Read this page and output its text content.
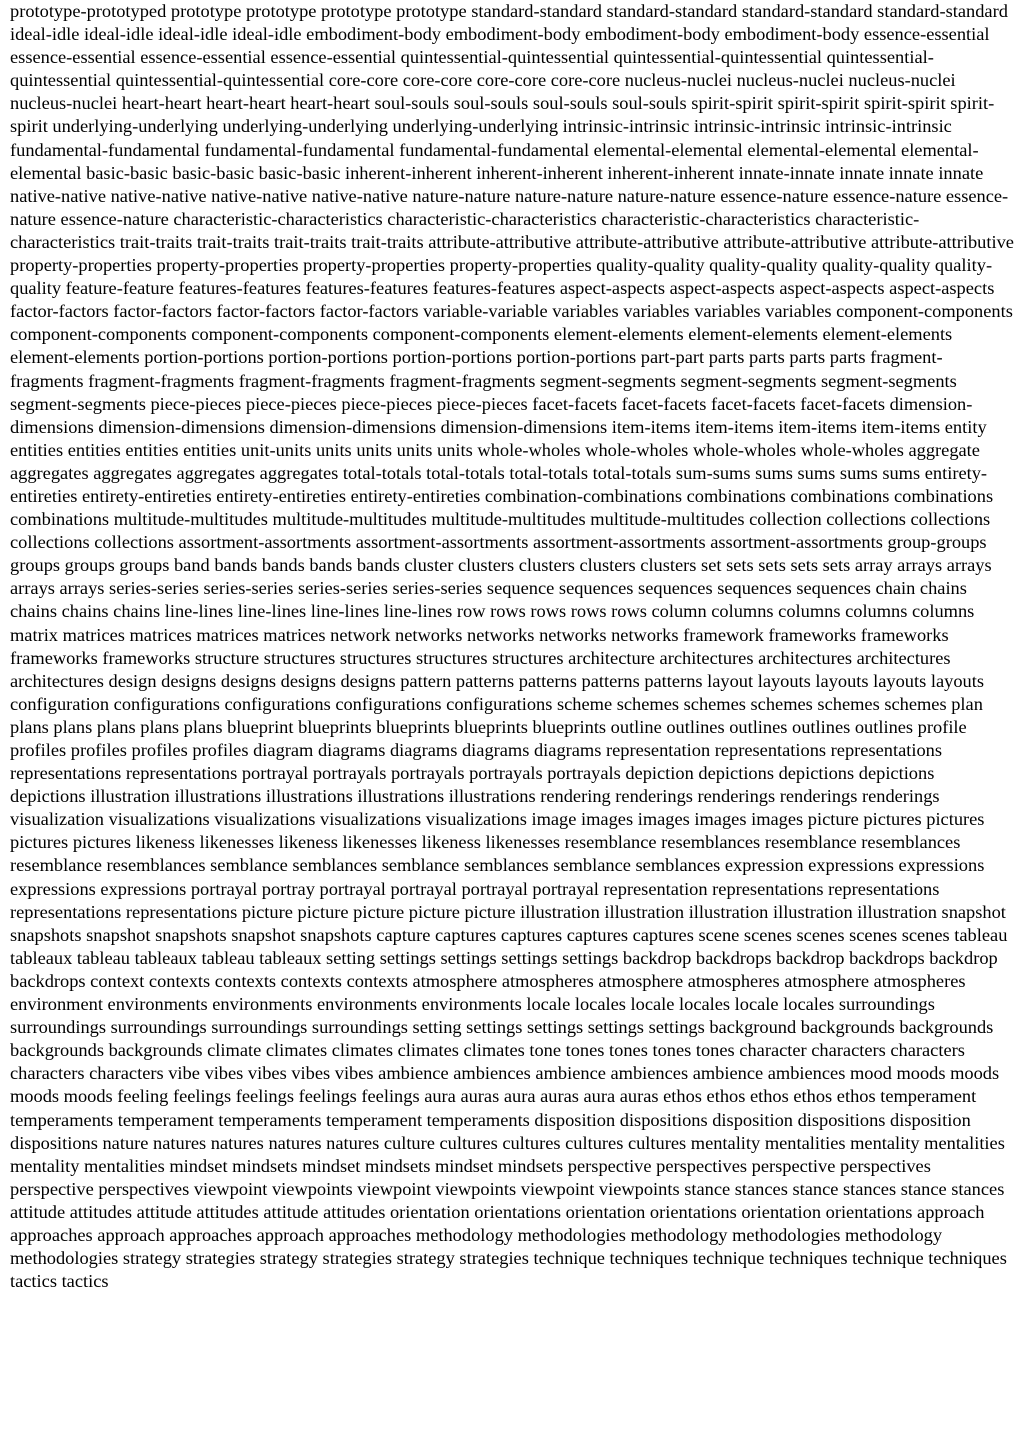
prototype-prototyped prototype prototype prototype prototype standard-standard standard-standard standard-standard standard-standard ideal-idle ideal-idle ideal-idle ideal-idle embodiment-body embodiment-body embodiment-body embodiment-body essence-essential essence-essential essence-essential essence-essential quintessential-quintessential quintessential-quintessential quintessential-quintessential quintessential-quintessential core-core core-core core-core core-core nucleus-nuclei nucleus-nuclei nucleus-nuclei nucleus-nuclei heart-heart heart-heart heart-heart soul-souls soul-souls soul-souls soul-souls spirit-spirit spirit-spirit spirit-spirit spirit-spirit underlying-underlying underlying-underlying underlying-underlying intrinsic-intrinsic intrinsic-intrinsic intrinsic-intrinsic fundamental-fundamental fundamental-fundamental fundamental-fundamental elemental-elemental elemental-elemental elemental-elemental basic-basic basic-basic basic-basic inherent-inherent inherent-inherent inherent-inherent innate-innate innate innate innate native-native native-native native-native native-native nature-nature nature-nature nature-nature essence-nature essence-nature essence-nature essence-nature characteristic-characteristics characteristic-characteristics characteristic-characteristics characteristic-characteristics trait-traits trait-traits trait-traits trait-traits attribute-attributive attribute-attributive attribute-attributive attribute-attributive property-properties property-properties property-properties property-properties quality-quality quality-quality quality-quality quality-quality feature-feature features-features features-features features-features aspect-aspects aspect-aspects aspect-aspects aspect-aspects factor-factors factor-factors factor-factors factor-factors variable-variable variables variables variables variables component-components component-components component-components component-components element-elements element-elements element-elements element-elements portion-portions portion-portions portion-portions portion-portions part-part parts parts parts parts fragment-fragments fragment-fragments fragment-fragments fragment-fragments segment-segments segment-segments segment-segments segment-segments piece-pieces piece-pieces piece-pieces piece-pieces facet-facets facet-facets facet-facets facet-facets dimension-dimensions dimension-dimensions dimension-dimensions dimension-dimensions item-items item-items item-items item-items entity entities entities entities entities unit-units units units units units whole-wholes whole-wholes whole-wholes whole-wholes aggregate aggregates aggregates aggregates aggregates total-totals total-totals total-totals total-totals sum-sums sums sums sums sums entirety-entireties entirety-entireties entirety-entireties entirety-entireties combination-combinations combinations combinations combinations combinations multitude-multitudes multitude-multitudes multitude-multitudes multitude-multitudes collection collections collections collections collections assortment-assortments assortment-assortments assortment-assortments assortment-assortments group-groups groups groups groups band bands bands bands bands cluster clusters clusters clusters clusters set sets sets sets sets array arrays arrays arrays arrays series-series series-series series-series series-series sequence sequences sequences sequences sequences chain chains chains chains chains line-lines line-lines line-lines line-lines row rows rows rows rows column columns columns columns columns matrix matrices matrices matrices matrices network networks networks networks networks framework frameworks frameworks frameworks frameworks structure structures structures structures structures architecture architectures architectures architectures architectures design designs designs designs designs pattern patterns patterns patterns patterns layout layouts layouts layouts layouts configuration configurations configurations configurations configurations scheme schemes schemes schemes schemes schemes plan plans plans plans plans plans blueprint blueprints blueprints blueprints blueprints outline outlines outlines outlines outlines profile profiles profiles profiles profiles diagram diagrams diagrams diagrams diagrams representation representations representations representations representations portrayal portrayals portrayals portrayals portrayals depiction depictions depictions depictions depictions illustration illustrations illustrations illustrations illustrations rendering renderings renderings renderings renderings visualization visualizations visualizations visualizations visualizations image images images images images picture pictures pictures pictures pictures likeness likenesses likeness likenesses likeness likenesses resemblance resemblances resemblance resemblances resemblance resemblances semblance semblances semblance semblances semblance semblances expression expressions expressions expressions expressions portrayal portray portrayal portrayal portrayal portrayal representation representations representations representations representations picture picture picture picture picture illustration illustration illustration illustration illustration snapshot snapshots snapshot snapshots snapshot snapshots capture captures captures captures captures scene scenes scenes scenes scenes tableau tableaux tableau tableaux tableau tableaux setting settings settings settings settings backdrop backdrops backdrop backdrops backdrop backdrops context contexts contexts contexts contexts atmosphere atmospheres atmosphere atmospheres atmosphere atmospheres environment environments environments environments environments locale locales locale locales locale locales surroundings surroundings surroundings surroundings surroundings setting settings settings settings settings background backgrounds backgrounds backgrounds backgrounds climate climates climates climates climates tone tones tones tones tones character characters characters characters characters vibe vibes vibes vibes vibes ambience ambiences ambience ambiences ambience ambiences mood moods moods moods moods feeling feelings feelings feelings feelings aura auras aura auras aura auras ethos ethos ethos ethos ethos temperament temperaments temperament temperaments temperament temperaments disposition dispositions disposition dispositions disposition dispositions nature natures natures natures natures culture cultures cultures cultures cultures mentality mentalities mentality mentalities mentality mentalities mindset mindsets mindset mindsets mindset mindsets perspective perspectives perspective perspectives perspective perspectives viewpoint viewpoints viewpoint viewpoints viewpoint viewpoints stance stances stance stances stance stances attitude attitudes attitude attitudes attitude attitudes orientation orientations orientation orientations orientation orientations approach approaches approach approaches approach approaches methodology methodologies methodology methodologies methodology methodologies strategy strategies strategy strategies strategy strategies technique techniques technique techniques technique techniques tactics tactics
